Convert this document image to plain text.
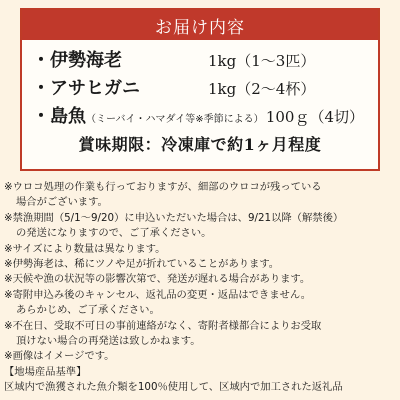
お届け内容
・伊勢海老	1kg（1～3匹）
・アサヒガニ	1kg（2～4杯）
・島魚 （ミーバイ・ハマダイ等※季節による） 100ｇ（4切）
賞味期限：冷凍庫で約1ヶ月程度
※ウロコ処理の作業も行っておりますが、細部のウロコが残っている
場合がございます。
※禁漁期間（5/1～9/20）に申込いただいた場合は、9/21以降（解禁後）
の発送になりますので、ご了承ください。
※サイズにより数量は異なります。
※伊勢海老は、稀にツノや足が折れていることがあります。
※天候や漁の状況等の影響次第で、発送が遅れる場合があります。
※寄附申込み後のキャンセル、返礼品の変更・返品はできません。
あらかじめ、ご了承ください。
※不在日、受取不可日の事前連絡がなく、寄附者様都合によりお受取
頂けない場合の再発送は致しかねます。
※画像はイメージです。
【地場産品基準】
区域内で漁獲された魚介類を100％使用して、区域内で加工された返礼品
